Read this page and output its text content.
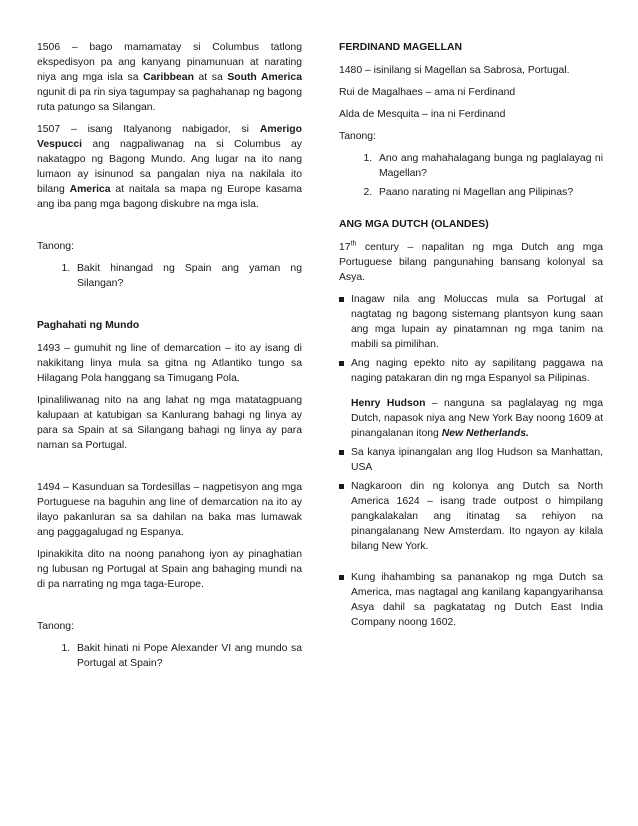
1506 – bago mamamatay si Columbus tatlong ekspedisyon pa ang kanyang pinamunuan at narating niya ang mga isla sa Caribbean at sa South America ngunit di pa rin siya tagumpay sa paghahanap ng bagong ruta patungo sa Silangan.

1507 – isang Italyanong nabigador, si Amerigo Vespucci ang nagpaliwanag na si Columbus ay nakatagpo ng Bagong Mundo. Ang lugar na ito nang lumaon ay isinunod sa pangalan niya na nakilala ito bilang America at naitala sa mapa ng Europe kasama ang iba pang mga bagong diskubre na mga isla.

Tanong:

1. Bakit hinangad ng Spain ang yaman ng Silangan?

Paghahati ng Mundo

1493 – gumuhit ng line of demarcation – ito ay isang di nakikitang linya mula sa gitna ng Atlantiko tungo sa Hilagang Pola hanggang sa Timugang Pola.

Ipinaliliwanag nito na ang lahat ng mga matatagpuang kalupaan at katubigan sa Kanlurang bahagi ng linya ay para sa Spain at sa Silangang bahagi ng linya ay para naman sa Portugal.

1494 – Kasunduan sa Tordesillas – nagpetisyon ang mga Portuguese na baguhin ang line of demarcation na ito ay ilayo pakanluran sa sa dahilan na baka mas lumawak ang paggagalugad ng Espanya.

Ipinakikita dito na noong panahong iyon ay pinaghatian ng lubusan ng Portugal at Spain ang bahaging mundi na di pa narrating ng mga taga-Europe.

Tanong:

1. Bakit hinati ni Pope Alexander VI ang mundo sa Portugal at Spain?

FERDINAND MAGELLAN

1480 – isinilang si Magellan sa Sabrosa, Portugal.

Rui de Magalhaes – ama ni Ferdinand

Alda de Mesquita – ina ni Ferdinand

Tanong:

1. Ano ang mahahalagang bunga ng paglalayag ni Magellan?
2. Paano narating ni Magellan ang Pilipinas?

ANG MGA DUTCH (OLANDES)

17th century – napalitan ng mga Dutch ang mga Portuguese bilang pangunahing bansang kolonyal sa Asya.

Inagaw nila ang Moluccas mula sa Portugal at nagtatag ng bagong sistemang plantsyon kung saan ang mga lupain ay pinatamnan ng mga tanim na mabili sa pimilihan.
Ang naging epekto nito ay sapilitang paggawa na naging patakaran din ng mga Espanyol sa Pilipinas.
Henry Hudson – nanguna sa paglalayag ng mga Dutch, napasok niya ang New York Bay noong 1609 at pinangalanan itong New Netherlands.
Sa kanya ipinangalan ang Ilog Hudson sa Manhattan, USA
Nagkaroon din ng kolonya ang Dutch sa North America 1624 – isang trade outpost o himpilang pangkalakalan ang itinatag sa rehiyon na pinangalanang New Amsterdam. Ito ngayon ay kilala bilang New York.
Kung ihahambing sa pananakop ng mga Dutch sa America, mas nagtagal ang kanilang kapangyarihansa Asya dahil sa pagkatatag ng Dutch East India Company noong 1602.
